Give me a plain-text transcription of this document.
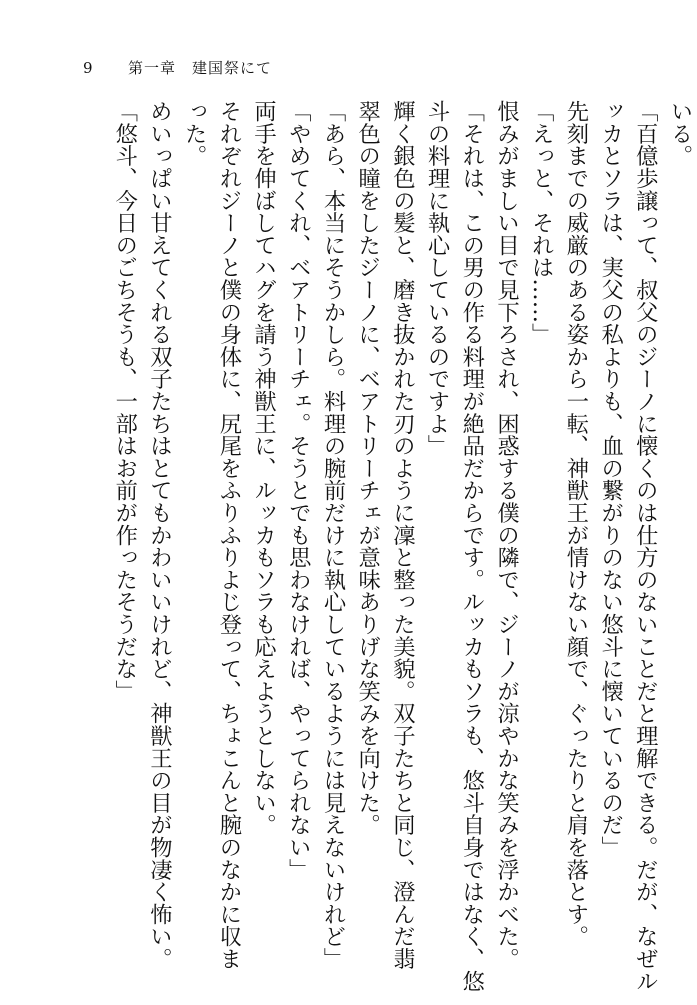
9 第一章　建国祭にて

いる。

「百億歩譲って、叔父のジーノに懐くのは仕方のないことだと理解できる。だが、なぜル

ッカとソラは、実父の私よりも、血の繋がりのない悠斗に懐いているのだ」

先刻までの威厳のある姿から一転、神獣王が情けない顔で、ぐったりと肩を落とす。

「えっと、それは……」

恨みがましい目で見下ろされ、困惑する僕の隣で、ジーノが涼やかな笑みを浮かべた。

「それは、この男の作る料理が絶品だからです。ルッカもソラも、悠斗自身ではなく、悠

斗の料理に執心しているのですよ」

輝く銀色の髪と、磨き抜かれた刃のように凜と整った美貌。双子たちと同じ、澄んだ翡

翠色の瞳をしたジーノに、ベアトリーチェが意味ありげな笑みを向けた。

「あら、本当にそうかしら。料理の腕前だけに執心しているようには見えないけれど」

「やめてくれ、ベアトリーチェ。そうとでも思わなければ、やってられない」

両手を伸ばしてハグを請う神獣王に、ルッカもソラも応えようとしない。

それぞれジーノと僕の身体に、尻尾をふりふりよじ登って、ちょこんと腕のなかに収ま

った。

めいっぱい甘えてくれる双子たちはとてもかわいいけれど、神獣王の目が物凄く怖い。

「悠斗、今日のごちそうも、一部はお前が作ったそうだな」
